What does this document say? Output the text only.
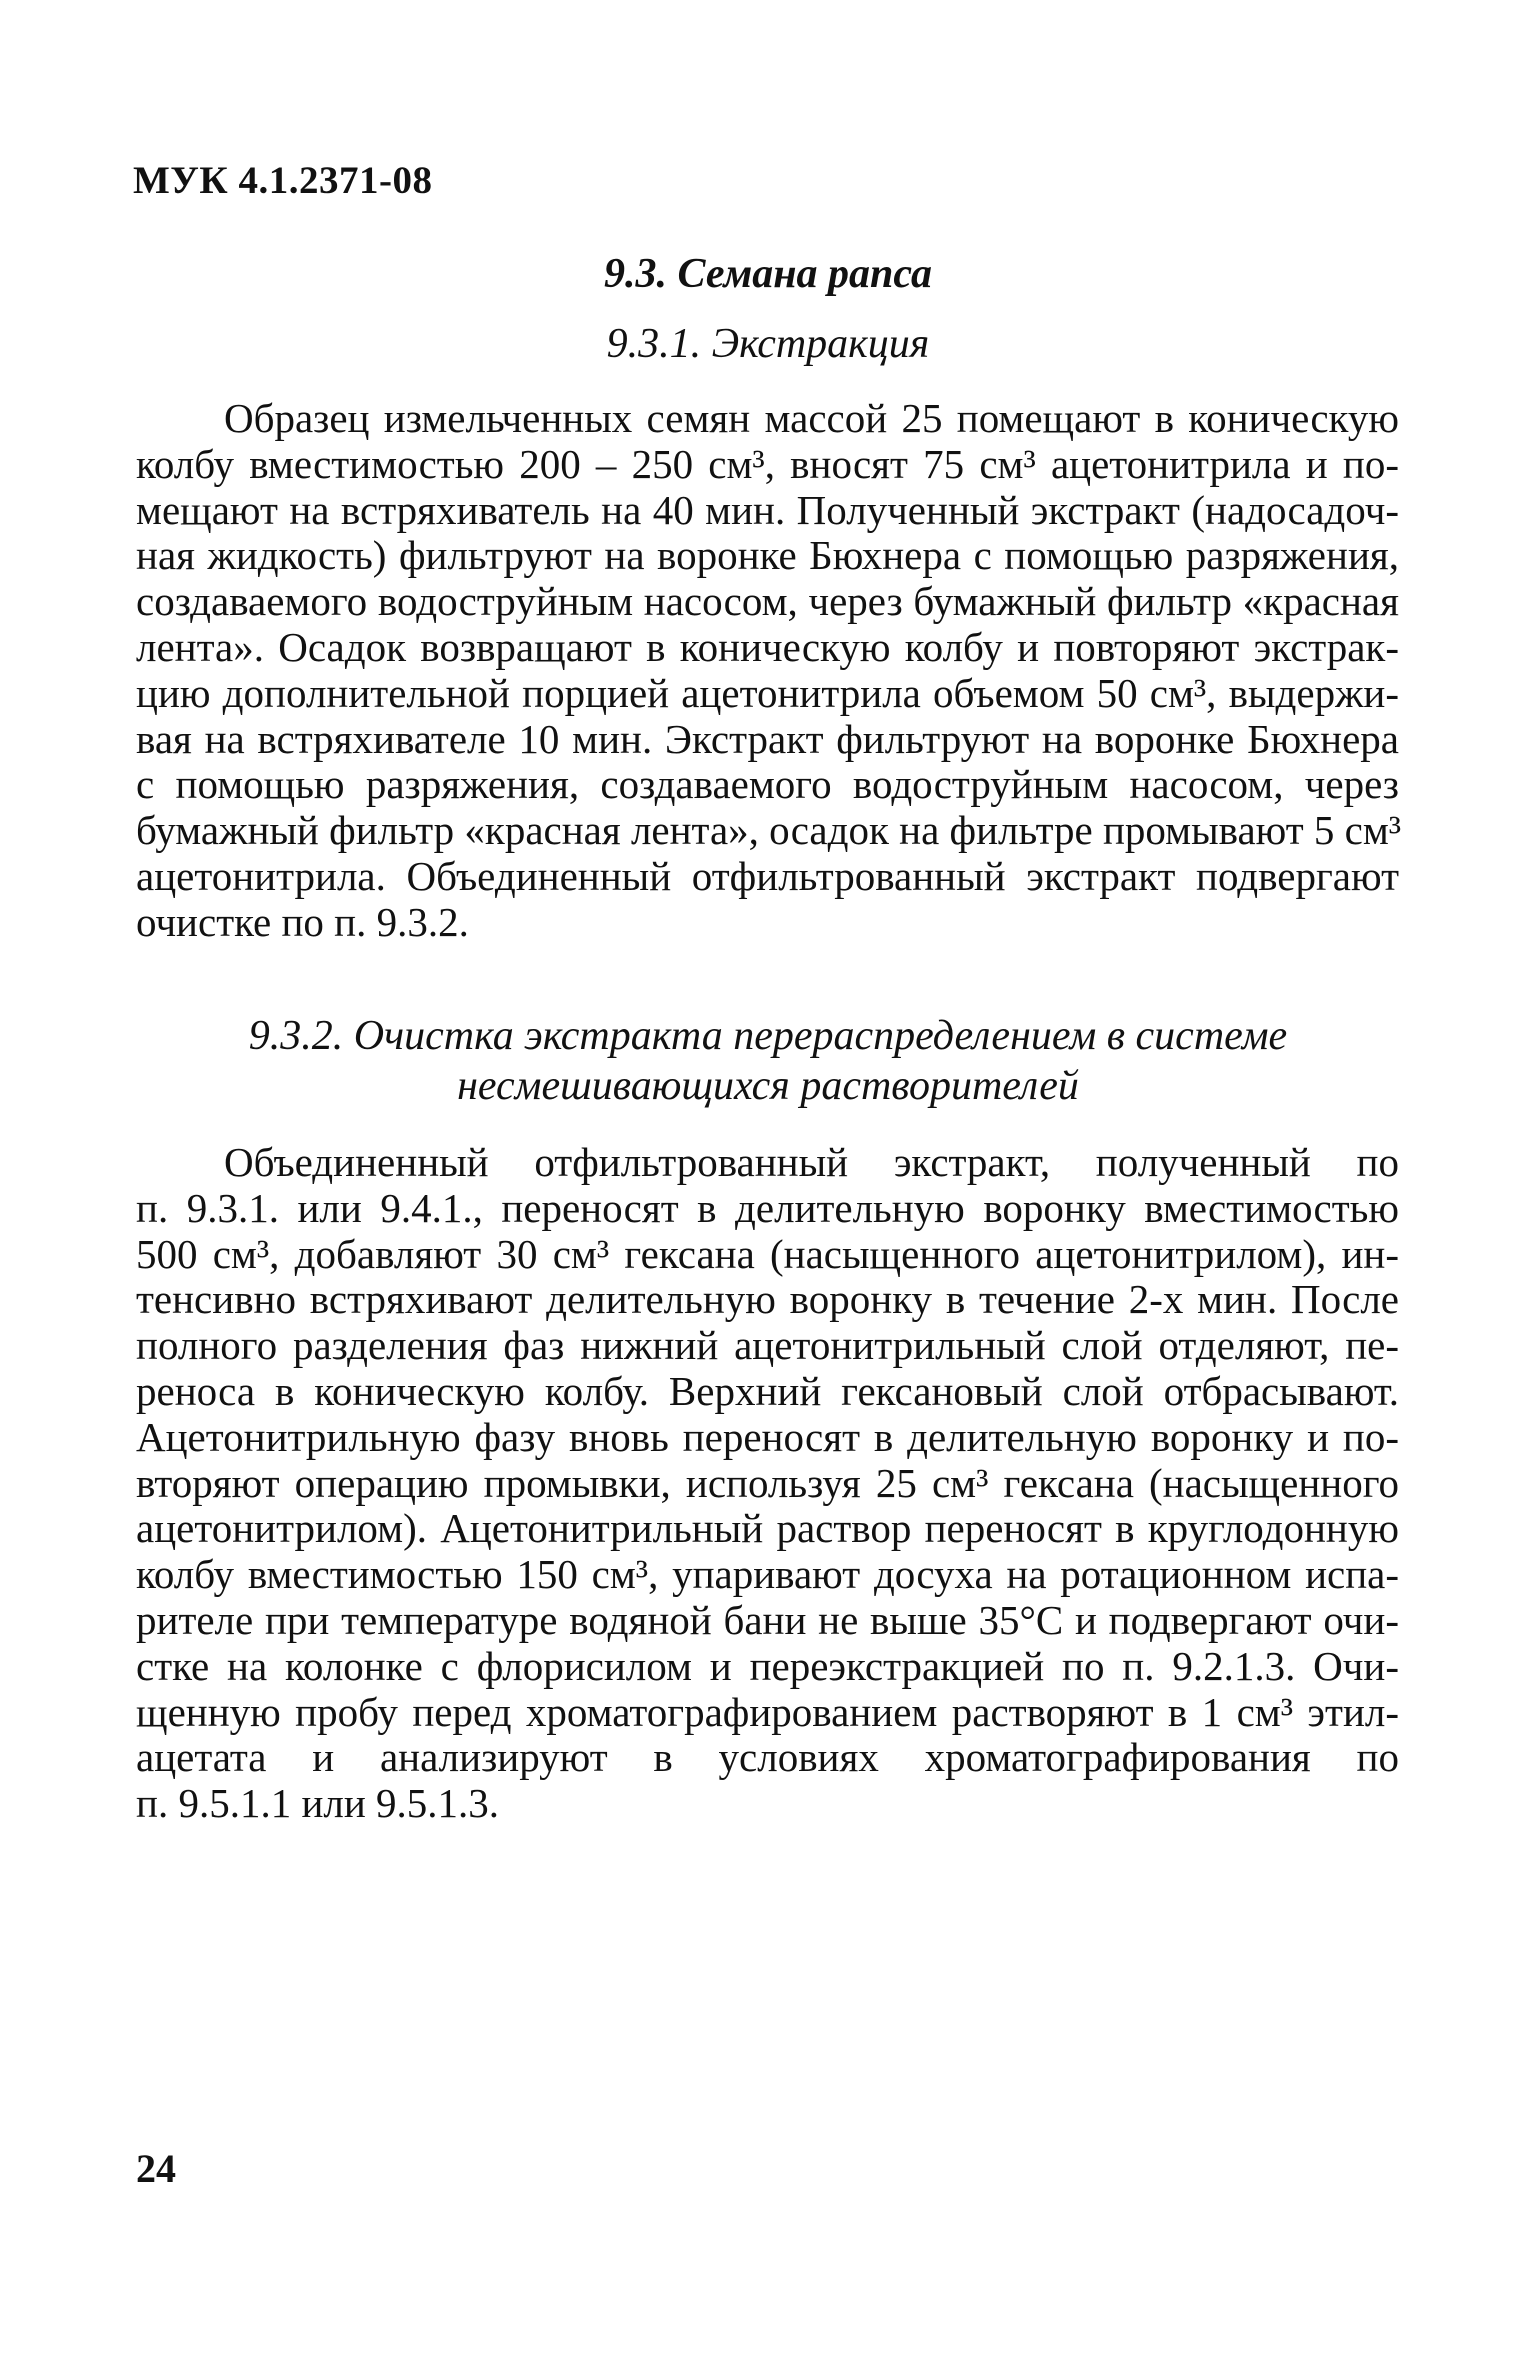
МУК 4.1.2371-08
9.3. Семана рапса
9.3.1. Экстракция
Образец измельченных семян массой 25 помещают в коническую
колбу вместимостью 200 – 250 см³, вносят 75 см³ ацетонитрила и по-
мещают на встряхиватель на 40 мин. Полученный экстракт (надосадоч-
ная жидкость) фильтруют на воронке Бюхнера с помощью разряжения,
создаваемого водоструйным насосом, через бумажный фильтр «красная
лента». Осадок возвращают в коническую колбу и повторяют экстрак-
цию дополнительной порцией ацетонитрила объемом 50 см³, выдержи-
вая на встряхивателе 10 мин. Экстракт фильтруют на воронке Бюхнера
с помощью разряжения, создаваемого водоструйным насосом, через
бумажный фильтр «красная лента», осадок на фильтре промывают 5 см³
ацетонитрила. Объединенный отфильтрованный экстракт подвергают
очистке по п. 9.3.2.
9.3.2. Очистка экстракта перераспределением в системе
несмешивающихся растворителей
Объединенный отфильтрованный экстракт, полученный по
п. 9.3.1. или 9.4.1., переносят в делительную воронку вместимостью
500 см³, добавляют 30 см³ гексана (насыщенного ацетонитрилом), ин-
тенсивно встряхивают делительную воронку в течение 2-х мин. После
полного разделения фаз нижний ацетонитрильный слой отделяют, пе-
реноса в коническую колбу. Верхний гексановый слой отбрасывают.
Ацетонитрильную фазу вновь переносят в делительную воронку и по-
вторяют операцию промывки, используя 25 см³ гексана (насыщенного
ацетонитрилом). Ацетонитрильный раствор переносят в круглодонную
колбу вместимостью 150 см³, упаривают досуха на ротационном испа-
рителе при температуре водяной бани не выше 35°С и подвергают очи-
стке на колонке с флорисилом и переэкстракцией по п. 9.2.1.3. Очи-
щенную пробу перед хроматографированием растворяют в 1 см³ этил-
ацетата и анализируют в условиях хроматографирования по
п. 9.5.1.1 или 9.5.1.3.
24
